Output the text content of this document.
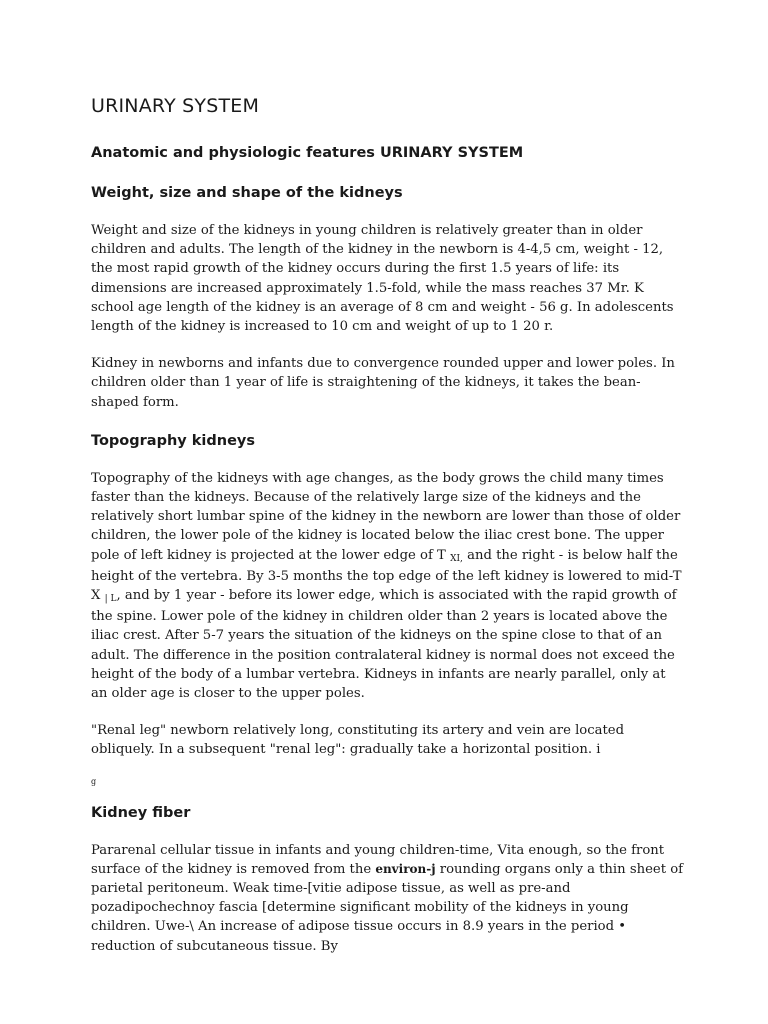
URINARY SYSTEM
Anatomic and physiologic features URINARY SYSTEM
Weight, size and shape of the kidneys

Weight and size of the kidneys in young children is relatively greater than in older children and adults. The length of the kidney in the newborn is 4-4,5 cm, weight - 12, the most rapid growth of the kidney occurs during the first 1.5 years of life: its dimensions are increased approximately 1.5-fold, while the mass reaches 37 Mr. K school age length of the kidney is an average of 8 cm and weight - 56 g. In adolescents length of the kidney is increased to 10 cm and weight of up to 1 20 r.

Kidney in newborns and infants due to convergence rounded upper and lower poles. In children older than 1 year of life is straightening of the kidneys, it takes the bean-shaped form.

Topography kidneys

Topography of the kidneys with age changes, as the body grows the child many times faster than the kidneys. Because of the relatively large size of the kidneys and the relatively short lumbar spine of the kidney in the newborn are lower than those of older children, the lower pole of the kidney is located below the iliac crest bone. The upper pole of left kidney is projected at the lower edge of T XI, and the right - is below half the height of the vertebra. By 3-5 months the top edge of the left kidney is lowered to mid-T X | L, and by 1 year - before its lower edge, which is associated with the rapid growth of the spine. Lower pole of the kidney in children older than 2 years is located above the iliac crest. After 5-7 years the situation of the kidneys on the spine close to that of an adult. The difference in the position contralateral kidney is normal does not exceed the height of the body of a lumbar vertebra. Kidneys in infants are nearly parallel, only at an older age is closer to the upper poles.

"Renal leg" newborn relatively long, constituting its artery and vein are located obliquely. In a subsequent "renal leg": gradually take a horizontal position. i

g
Kidney fiber

Pararenal cellular tissue in infants and young children-time, Vita enough, so the front surface of the kidney is removed from the environ-j rounding organs only a thin sheet of parietal peritoneum. Weak time-[vitie adipose tissue, as well as pre-and pozadipochechnoy fascia [determine significant mobility of the kidneys in young children. Uwe-\ An increase of adipose tissue occurs in 8.9 years in the period • reduction of subcutaneous tissue. By
